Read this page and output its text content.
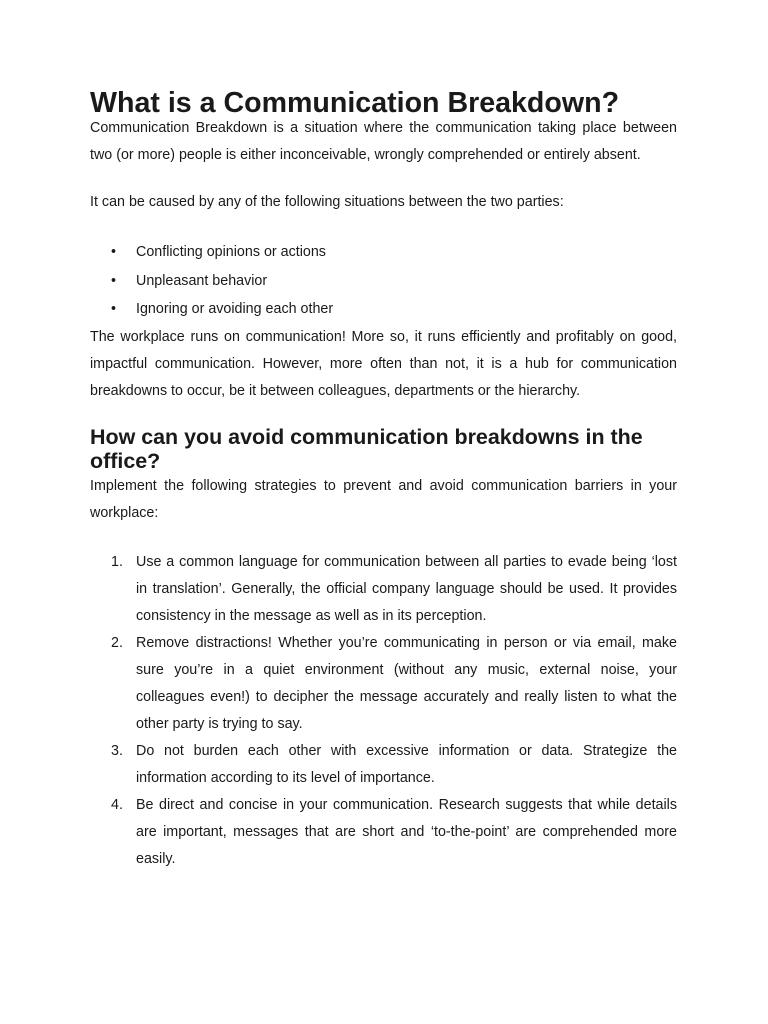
What is a Communication Breakdown?

Communication Breakdown is a situation where the communication taking place between two (or more) people is either inconceivable, wrongly comprehended or entirely absent.

It can be caused by any of the following situations between the two parties:

• Conflicting opinions or actions
• Unpleasant behavior
• Ignoring or avoiding each other

The workplace runs on communication! More so, it runs efficiently and profitably on good, impactful communication. However, more often than not, it is a hub for communication breakdowns to occur, be it between colleagues, departments or the hierarchy.

How can you avoid communication breakdowns in the office?

Implement the following strategies to prevent and avoid communication barriers in your workplace:

1. Use a common language for communication between all parties to evade being ‘lost in translation’. Generally, the official company language should be used. It provides consistency in the message as well as in its perception.
2. Remove distractions! Whether you’re communicating in person or via email, make sure you’re in a quiet environment (without any music, external noise, your colleagues even!) to decipher the message accurately and really listen to what the other party is trying to say.
3. Do not burden each other with excessive information or data. Strategize the information according to its level of importance.
4. Be direct and concise in your communication. Research suggests that while details are important, messages that are short and ‘to-the-point’ are comprehended more easily.
